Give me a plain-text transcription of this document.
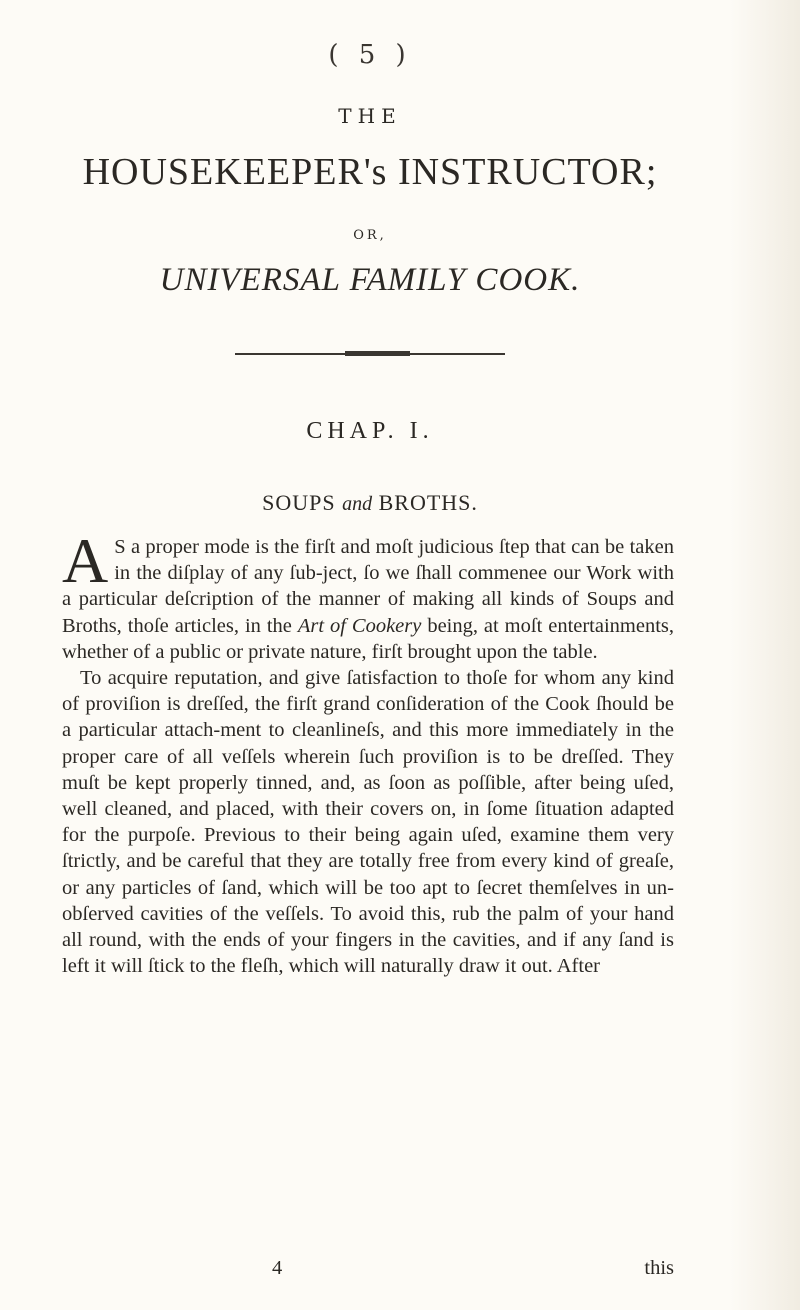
( 5 )
THE
HOUSEKEEPER's INSTRUCTOR;
OR,
UNIVERSAL FAMILY COOK.
CHAP. I.
SOUPS and BROTHS.

A S a proper mode is the firſt and moſt judicious ſtep that can be taken in the diſplay of any ſub-ject, ſo we ſhall commenee our Work with a particular deſcription of the manner of making all kinds of Soups and Broths, thoſe articles, in the Art of Cookery being, at moſt entertainments, whether of a public or private nature, firſt brought upon the table.

To acquire reputation, and give ſatisfaction to thoſe for whom any kind of proviſion is dreſſed, the firſt grand conſideration of the Cook ſhould be a particular attach-ment to cleanlineſs, and this more immediately in the proper care of all veſſels wherein ſuch proviſion is to be dreſſed. They muſt be kept properly tinned, and, as ſoon as poſſible, after being uſed, well cleaned, and placed, with their covers on, in ſome ſituation adapted for the purpoſe. Previous to their being again uſed, examine them very ſtrictly, and be careful that they are totally free from every kind of greaſe, or any particles of ſand, which will be too apt to ſecret themſelves in un-obſerved cavities of the veſſels. To avoid this, rub the palm of your hand all round, with the ends of your fingers in the cavities, and if any ſand is left it will ſtick to the fleſh, which will naturally draw it out. After

4	this
